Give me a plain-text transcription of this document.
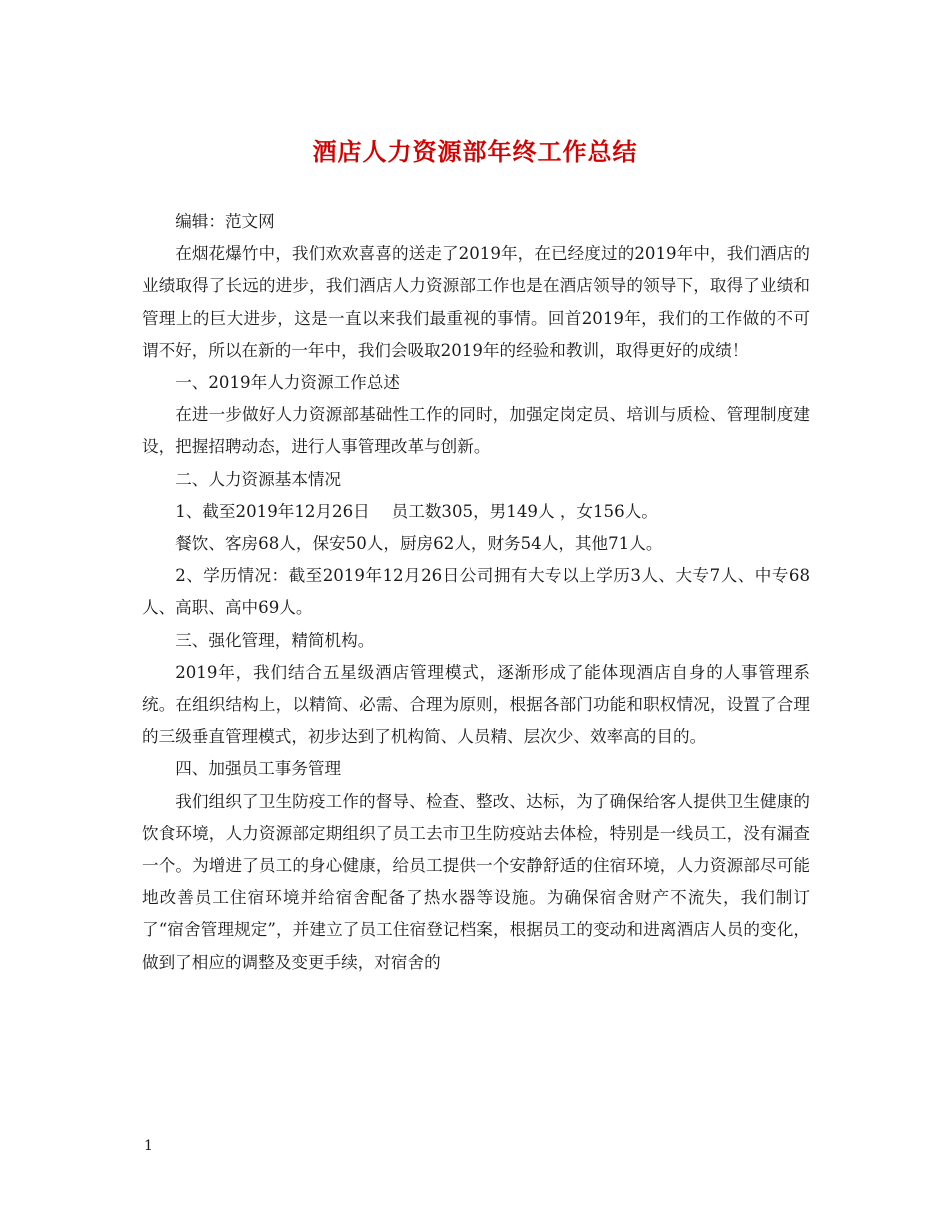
酒店人力资源部年终工作总结

编辑：范文网

在烟花爆竹中，我们欢欢喜喜的送走了2019年，在已经度过的2019年中，我们酒店的业绩取得了长远的进步，我们酒店人力资源部工作也是在酒店领导的领导下，取得了业绩和管理上的巨大进步，这是一直以来我们最重视的事情。回首2019年，我们的工作做的不可谓不好，所以在新的一年中，我们会吸取2019年的经验和教训，取得更好的成绩！

一、2019年人力资源工作总述

在进一步做好人力资源部基础性工作的同时，加强定岗定员、培训与质检、管理制度建设，把握招聘动态，进行人事管理改革与创新。

二、人力资源基本情况

1、截至2019年12月26日　 员工数305，男149人 ，女156人。

餐饮、客房68人，保安50人，厨房62人，财务54人，其他71人。

2、学历情况：截至2019年12月26日公司拥有大专以上学历3人、大专7人、中专68人、高职、高中69人。

三、强化管理，精简机构。

2019年，我们结合五星级酒店管理模式，逐渐形成了能体现酒店自身的人事管理系统。在组织结构上，以精简、必需、合理为原则，根据各部门功能和职权情况，设置了合理的三级垂直管理模式，初步达到了机构简、人员精、层次少、效率高的目的。

四、加强员工事务管理

我们组织了卫生防疫工作的督导、检查、整改、达标，为了确保给客人提供卫生健康的饮食环境，人力资源部定期组织了员工去市卫生防疫站去体检，特别是一线员工，没有漏查一个。为增进了员工的身心健康，给员工提供一个安静舒适的住宿环境，人力资源部尽可能地改善员工住宿环境并给宿舍配备了热水器等设施。为确保宿舍财产不流失，我们制订了“宿舍管理规定”，并建立了员工住宿登记档案，根据员工的变动和进离酒店人员的变化，做到了相应的调整及变更手续，对宿舍的

1
